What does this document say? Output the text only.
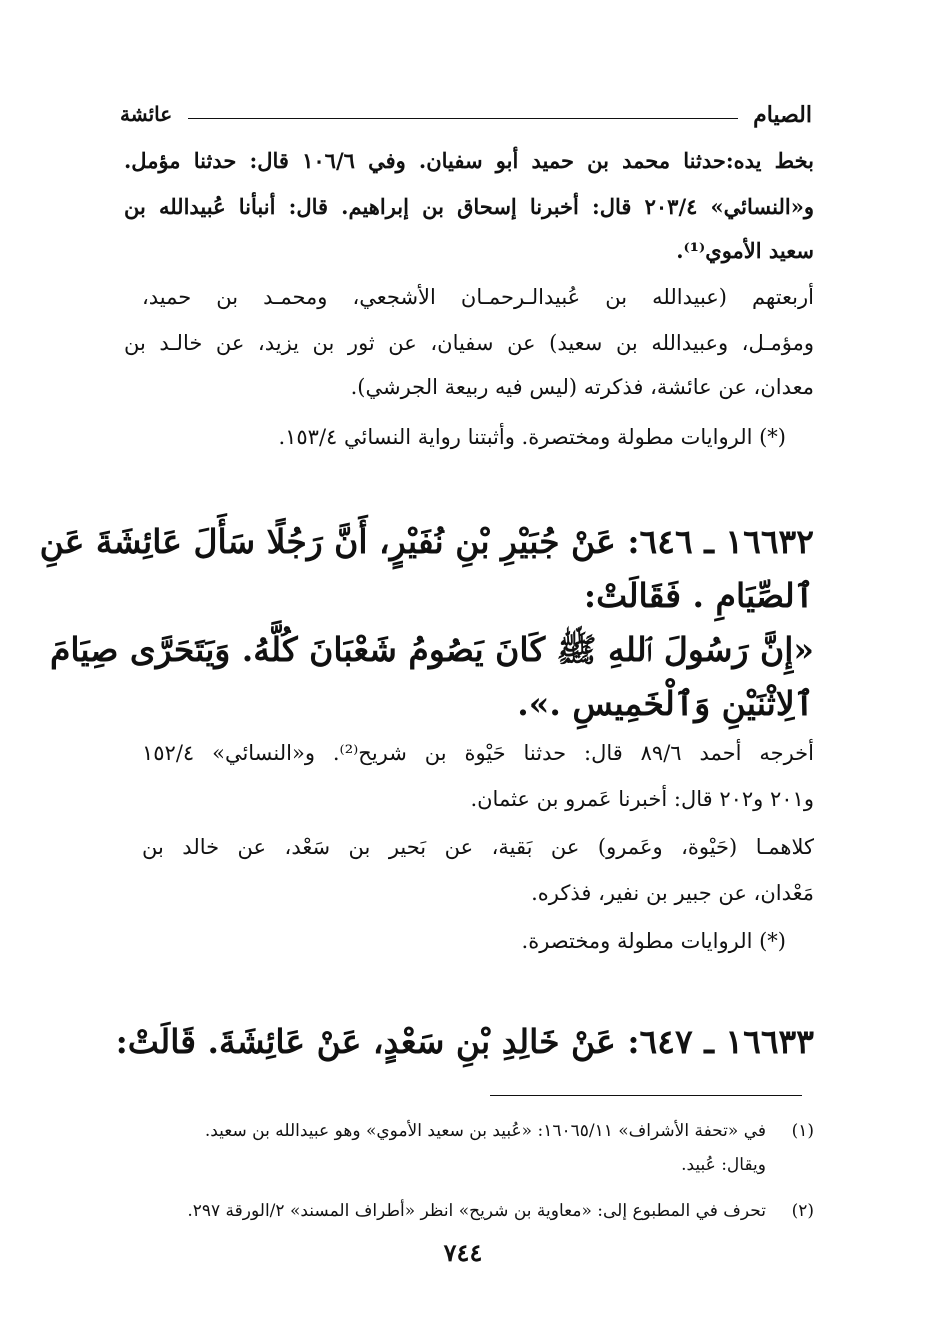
الصيام
عائشة
بخط يده:حدثنا محمد بن حميد أبو سفيان. وفي ١٠٦/٦ قال: حدثنا مؤمل.
و«النسائي» ٢٠٣/٤ قال: أخبرنا إسحاق بن إبراهيم. قال: أنبأنا عُبيدالله بن
سعيد الأموي⁽¹⁾.
أربعتهم (عبيدالله بن عُبيدالـرحمـان الأشجعي، ومحمـد بن حميد،
ومؤمـل، وعبيدالله بن سعيد) عن سفيان، عن ثور بن يزيد، عن خالـد بن
معدان، عن عائشة، فذكرته (ليس فيه ربيعة الجرشي).
(*) الروايات مطولة ومختصرة. وأثبتنا رواية النسائي ١٥٣/٤.
١٦٦٣٢ ـ ٦٤٦: عَنْ جُبَيْرِ بْنِ نُفَيْرٍ، أَنَّ رَجُلًا سَأَلَ عَائِشَةَ عَنِ
ٱلصِّيَامِ . فَقَالَتْ:
«إِنَّ رَسُولَ ٱللهِ ﷺ كَانَ يَصُومُ شَعْبَانَ كُلَّهُ. وَيَتَحَرَّى صِيَامَ
ٱلِاثْنَيْنِ وَٱلْخَمِيسِ .».
أخرجه أحمد ٨٩/٦ قال: حدثنا حَيْوة بن شريح⁽²⁾. و«النسائي» ١٥٢/٤
و٢٠١ و٢٠٢ قال: أخبرنا عَمرو بن عثمان.
كلاهمـا (حَيْوة، وعَمرو) عن بَقية، عن بَحير بن سَعْد، عن خالد بن
مَعْدان، عن جبير بن نفير، فذكره.
(*) الروايات مطولة ومختصرة.
١٦٦٣٣ ـ ٦٤٧: عَنْ خَالِدِ بْنِ سَعْدٍ، عَنْ عَائِشَةَ. قَالَتْ:
(١)في «تحفة الأشراف» ١٦٠٦٥/١١: «عُبيد بن سعيد الأموي» وهو عبيدالله بن سعيد.
ويقال: عُبيد.
(٢)تحرف في المطبوع إلى: «معاوية بن شريح» انظر «أطراف المسند» ٢/الورقة ٢٩٧.
٧٤٤
